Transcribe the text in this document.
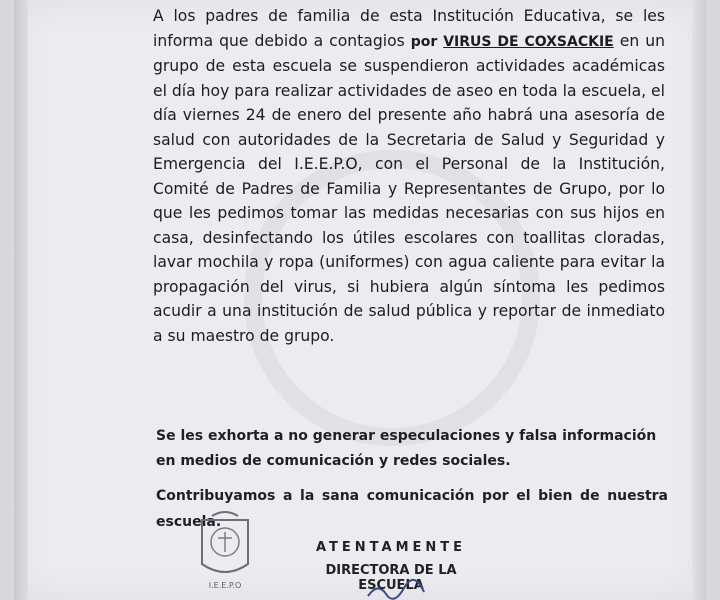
A los padres de familia de esta Institución Educativa, se les informa que debido a contagios por VIRUS DE COXSACKIE en un grupo de esta escuela se suspendieron actividades académicas el día hoy para realizar actividades de aseo en toda la escuela, el día viernes 24 de enero del presente año habrá una asesoría de salud con autoridades de la Secretaria de Salud y Seguridad y Emergencia del I.E.E.P.O, con el Personal de la Institución, Comité de Padres de Familia y Representantes de Grupo, por lo que les pedimos tomar las medidas necesarias con sus hijos en casa, desinfectando los útiles escolares con toallitas cloradas, lavar mochila y ropa (uniformes) con agua caliente para evitar la propagación del virus, si hubiera algún síntoma les pedimos acudir a una institución de salud pública y reportar de inmediato a su maestro de grupo.

Se les exhorta a no generar especulaciones y falsa información en medios de comunicación y redes sociales.

Contribuyamos a la sana comunicación por el bien de nuestra escuela.

I.E.E.P.O
ATENTAMENTE
DIRECTORA DE LA ESCUELA
